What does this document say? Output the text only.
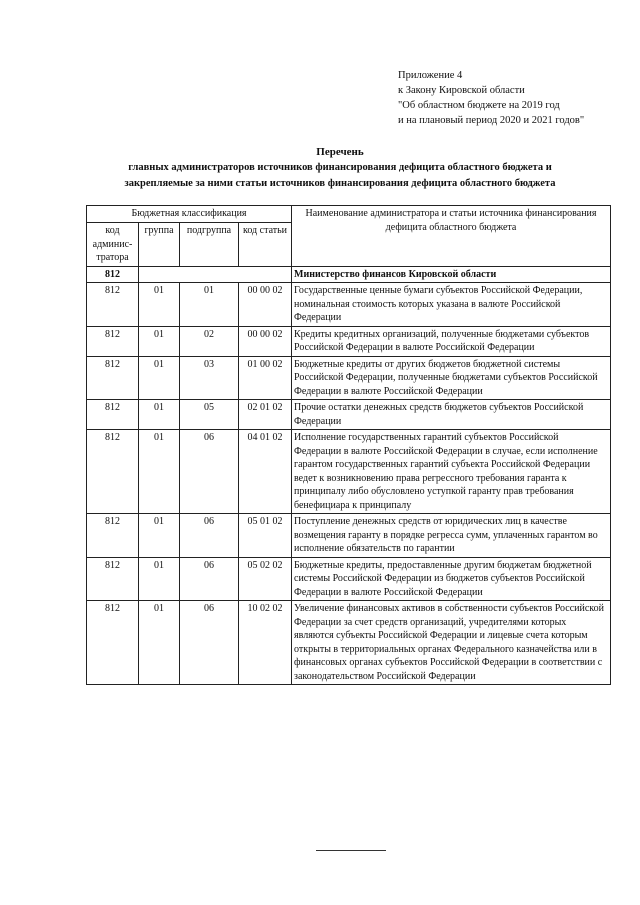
Приложение 4
к Закону Кировской области
"Об областном бюджете на 2019 год
и на плановый период 2020 и 2021 годов"
Перечень
главных администраторов источников финансирования дефицита областного бюджета и
закрепляемые за ними статьи источников финансирования дефицита областного бюджета
Бюджетная классификация				Наименование администратора и статьи источника финансирования дефицита областного бюджета
код админис-тратора	группа	подгруппа	код статьи	
812				Министерство финансов Кировской области
812	01	01	00 00 02	Государственные ценные бумаги субъектов Российской Федерации, номинальная стоимость которых указана в валюте Российской Федерации
812	01	02	00 00 02	Кредиты кредитных организаций, полученные бюджетами субъектов Российской Федерации в валюте Российской Федерации
812	01	03	01 00 02	Бюджетные кредиты от других бюджетов бюджетной системы Российской Федерации, полученные бюджетами субъектов Российской Федерации в валюте Российской Федерации
812	01	05	02 01 02	Прочие остатки денежных средств бюджетов субъектов Российской Федерации
812	01	06	04 01 02	Исполнение государственных гарантий субъектов Российской Федерации в валюте Российской Федерации в случае, если исполнение гарантом государственных гарантий субъекта Российской Федерации ведет к возникновению права регрессного требования гаранта к принципалу либо обусловлено уступкой гаранту прав требования бенефициара к принципалу
812	01	06	05 01 02	Поступление денежных средств от юридических лиц в качестве возмещения гаранту в порядке регресса сумм, уплаченных гарантом во исполнение обязательств по гарантии
812	01	06	05 02 02	Бюджетные кредиты, предоставленные другим бюджетам бюджетной системы Российской Федерации из бюджетов субъектов Российской Федерации в валюте Российской Федерации
812	01	06	10 02 02	Увеличение финансовых активов в собственности субъектов Российской Федерации за счет средств организаций, учредителями которых являются субъекты Российской Федерации и лицевые счета которым открыты в территориальных органах Федерального казначейства или в финансовых органах субъектов Российской Федерации в соответствии с законодательством Российской Федерации
